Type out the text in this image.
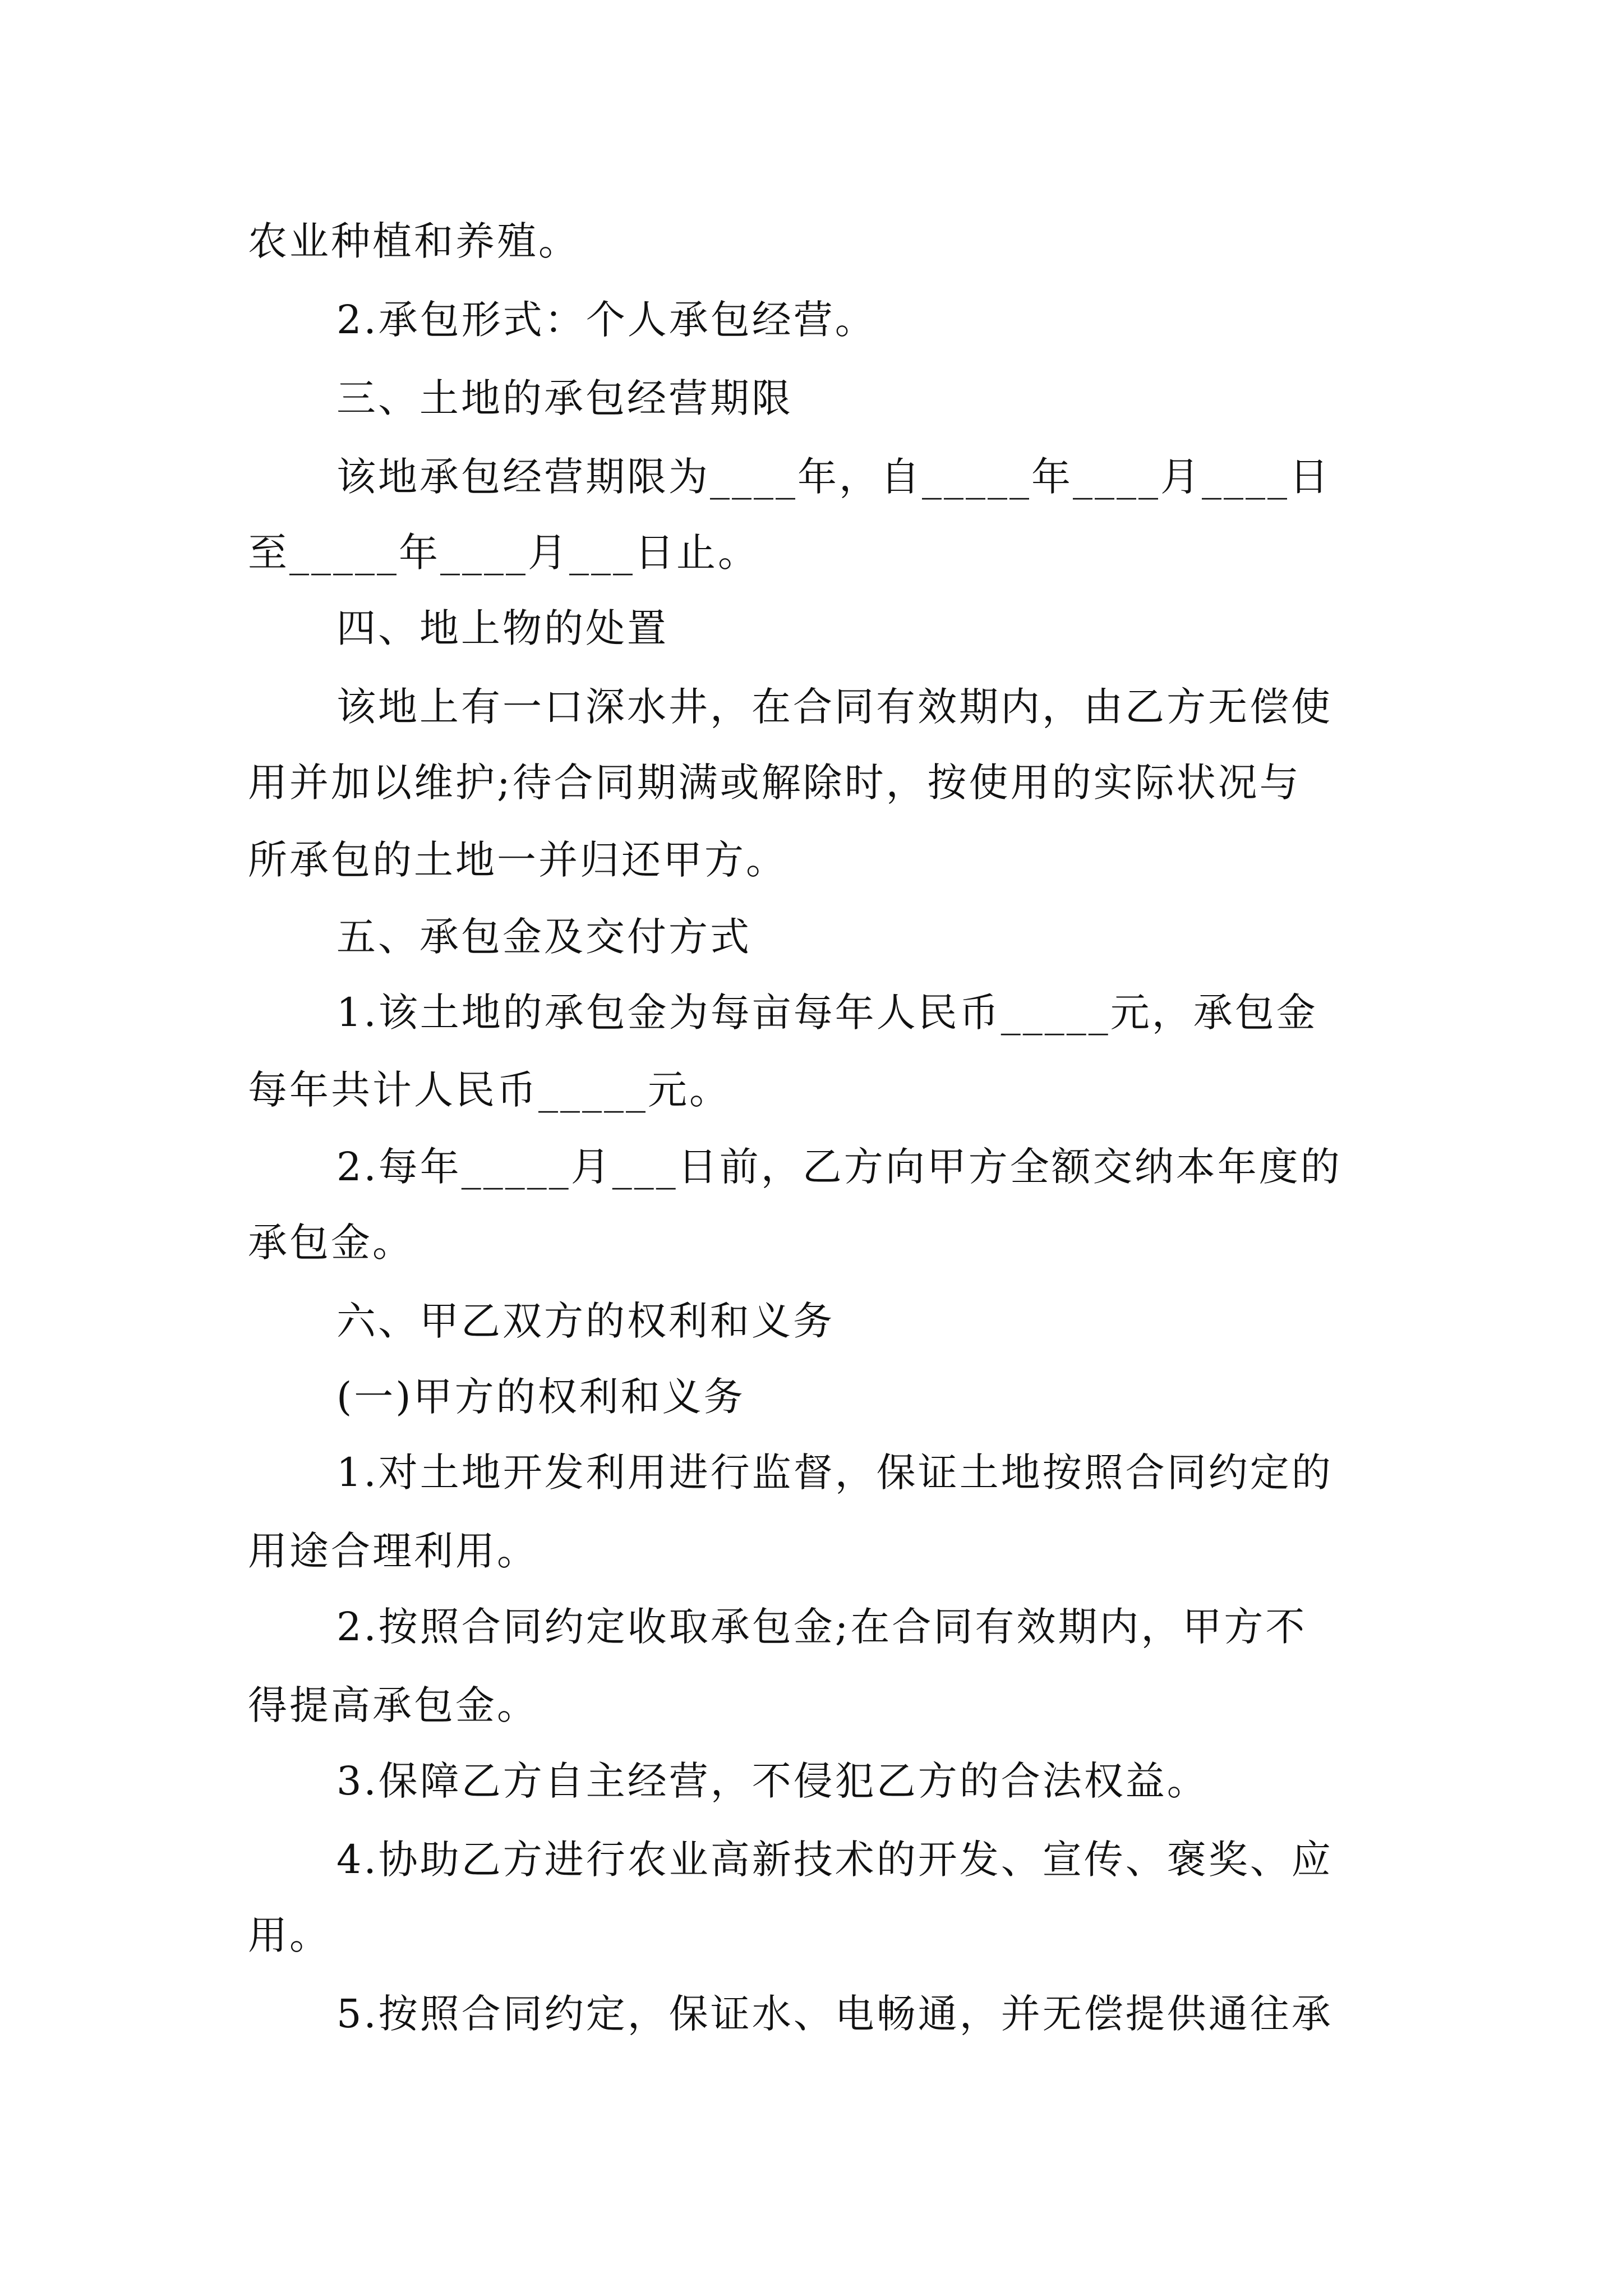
农业种植和养殖。
2.承包形式：个人承包经营。
三、土地的承包经营期限
该地承包经营期限为____年，自_____年____月____日
至_____年____月___日止。
四、地上物的处置
该地上有一口深水井，在合同有效期内，由乙方无偿使
用并加以维护;待合同期满或解除时，按使用的实际状况与
所承包的土地一并归还甲方。
五、承包金及交付方式
1.该土地的承包金为每亩每年人民币_____元，承包金
每年共计人民币_____元。
2.每年_____月___日前，乙方向甲方全额交纳本年度的
承包金。
六、甲乙双方的权利和义务
(一)甲方的权利和义务
1.对土地开发利用进行监督，保证土地按照合同约定的
用途合理利用。
2.按照合同约定收取承包金;在合同有效期内，甲方不
得提高承包金。
3.保障乙方自主经营，不侵犯乙方的合法权益。
4.协助乙方进行农业高新技术的开发、宣传、褒奖、应
用。
5.按照合同约定，保证水、电畅通，并无偿提供通往承
